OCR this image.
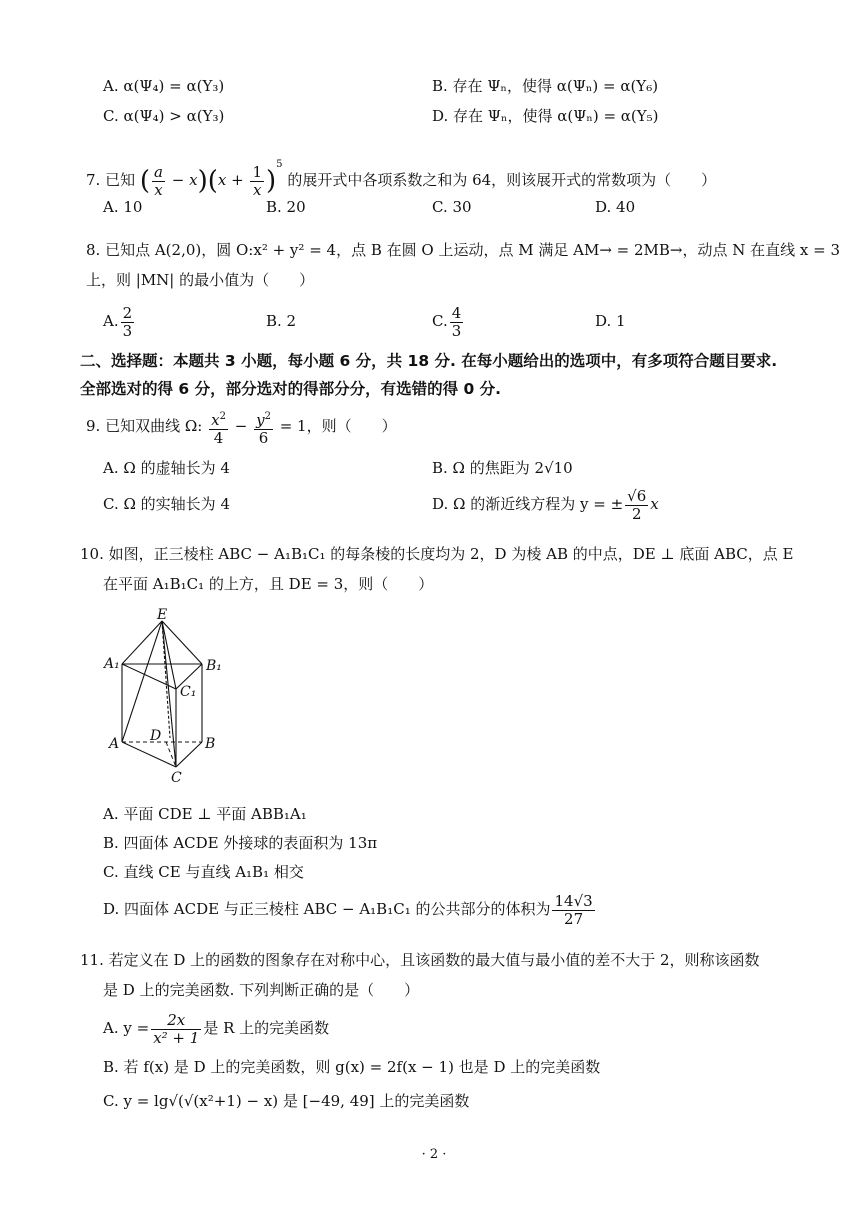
A. α(Ψ₄) = α(Υ₃)	B. 存在 Ψₙ，使得 α(Ψₙ) = α(Υ₆)
C. α(Ψ₄) > α(Υ₃)	D. 存在 Ψₙ，使得 α(Ψₙ) = α(Υ₅)
7. 已知 ( $\frac{a}{x} - x)(x + \frac{1}{x} )^5$ 的展开式中各项系数之和为 64，则该展开式的常数项为（　　）
A. 10	B. 20	C. 30	D. 40
8. 已知点 A(2,0)，圆 O:x² + y² = 4，点 B 在圆 O 上运动，点 M 满足 AM→ = 2MB→，动点 N 在直线 x = 3
上，则 |MN| 的最小值为（　　）
A. $\frac{2}{3}$	B. 2	C. $\frac{4}{3}$	D. 1
二、选择题：本题共 3 小题，每小题 6 分，共 18 分. 在每小题给出的选项中，有多项符合题目要求.
全部选对的得 6 分，部分选对的得部分分，有选错的得 0 分.
9. 已知双曲线 Ω: $\frac{x^2}{4} - \frac{y^2}{6} = 1$，则（　　）
A. Ω 的虚轴长为 4	B. Ω 的焦距为 2√10
C. Ω 的实轴长为 4	D. Ω 的渐近线方程为 y = ± $\frac{√6}{2}$ x
10. 如图，正三棱柱 ABC − A₁B₁C₁ 的每条棱的长度均为 2，D 为棱 AB 的中点，DE ⊥ 底面 ABC，点 E
在平面 A₁B₁C₁ 的上方，且 DE = 3，则（　　）
E
A₁	B₁
C₁
A	B
C
D
A. 平面 CDE ⊥ 平面 ABB₁A₁
B. 四面体 ACDE 外接球的表面积为 13π
C. 直线 CE 与直线 A₁B₁ 相交
D. 四面体 ACDE 与正三棱柱 ABC − A₁B₁C₁ 的公共部分的体积为 $\frac{14√3}{27}$
11. 若定义在 D 上的函数的图象存在对称中心，且该函数的最大值与最小值的差不大于 2，则称该函数
是 D 上的完美函数. 下列判断正确的是（　　）
A. $y = \frac{2x}{\text{x² + 1}}$ 是 R 上的完美函数
B. 若 f(x) 是 D 上的完美函数，则 g(x) = 2f(x − 1) 也是 D 上的完美函数
C. y = lg√(√(x²+1) − x) 是 [−49, 49] 上的完美函数
· 2 ·
